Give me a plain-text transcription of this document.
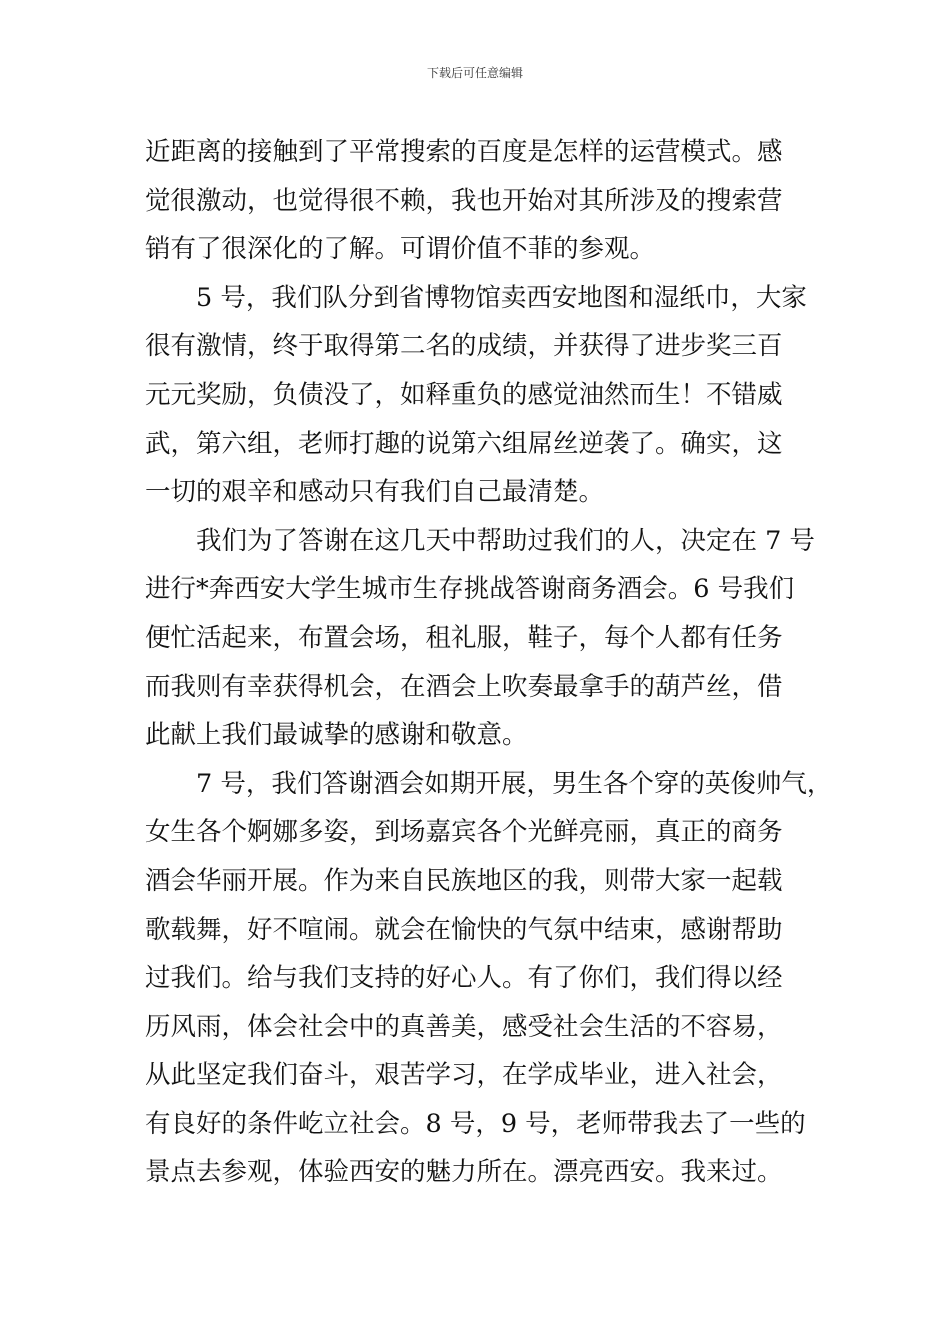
下载后可任意编辑
近距离的接触到了平常搜索的百度是怎样的运营模式。感
觉很激动，也觉得很不赖，我也开始对其所涉及的搜索营
销有了很深化的了解。可谓价值不菲的参观。
5 号，我们队分到省博物馆卖西安地图和湿纸巾，大家
很有激情，终于取得第二名的成绩，并获得了进步奖三百
元元奖励，负债没了，如释重负的感觉油然而生！不错威
武，第六组，老师打趣的说第六组屌丝逆袭了。确实，这
一切的艰辛和感动只有我们自己最清楚。
我们为了答谢在这几天中帮助过我们的人，决定在 7 号
进行*奔西安大学生城市生存挑战答谢商务酒会。6 号我们
便忙活起来，布置会场，租礼服，鞋子，每个人都有任务
而我则有幸获得机会，在酒会上吹奏最拿手的葫芦丝，借
此献上我们最诚挚的感谢和敬意。
7 号，我们答谢酒会如期开展，男生各个穿的英俊帅气，
女生各个婀娜多姿，到场嘉宾各个光鲜亮丽，真正的商务
酒会华丽开展。作为来自民族地区的我，则带大家一起载
歌载舞，好不喧闹。就会在愉快的气氛中结束，感谢帮助
过我们。给与我们支持的好心人。有了你们，我们得以经
历风雨，体会社会中的真善美，感受社会生活的不容易，
从此坚定我们奋斗，艰苦学习，在学成毕业，进入社会，
有良好的条件屹立社会。8 号，9 号，老师带我去了一些的
景点去参观，体验西安的魅力所在。漂亮西安。我来过。
